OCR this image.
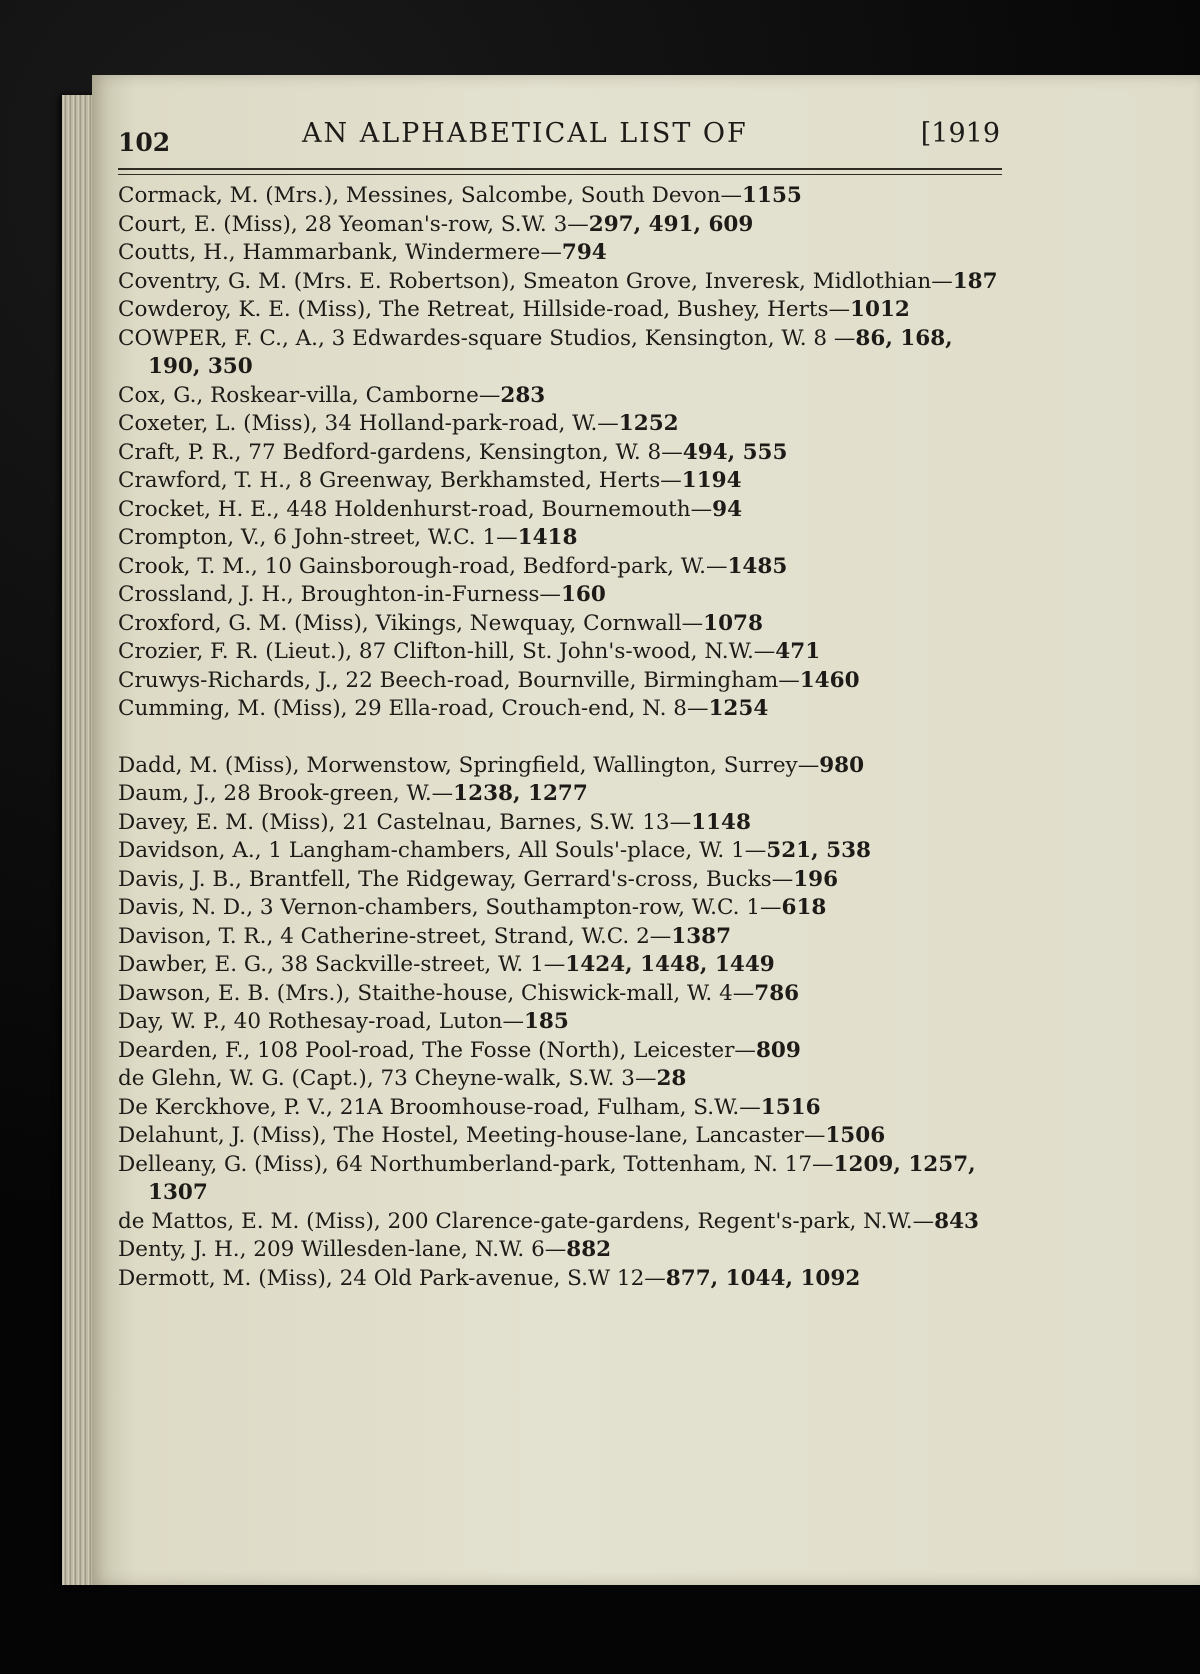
102	AN ALPHABETICAL LIST OF	[1919

Cormack, M. (Mrs.), Messines, Salcombe, South Devon—1155

Court, E. (Miss), 28 Yeoman's-row, S.W. 3—297, 491, 609

Coutts, H., Hammarbank, Windermere—794

Coventry, G. M. (Mrs. E. Robertson), Smeaton Grove, Inveresk, Midlothian—187

Cowderoy, K. E. (Miss), The Retreat, Hillside-road, Bushey, Herts—1012

COWPER, F. C., A., 3 Edwardes-square Studios, Kensington, W. 8 —86, 168, 190, 350

Cox, G., Roskear-villa, Camborne—283

Coxeter, L. (Miss), 34 Holland-park-road, W.—1252

Craft, P. R., 77 Bedford-gardens, Kensington, W. 8—494, 555

Crawford, T. H., 8 Greenway, Berkhamsted, Herts—1194

Crocket, H. E., 448 Holdenhurst-road, Bournemouth—94

Crompton, V., 6 John-street, W.C. 1—1418

Crook, T. M., 10 Gainsborough-road, Bedford-park, W.—1485

Crossland, J. H., Broughton-in-Furness—160

Croxford, G. M. (Miss), Vikings, Newquay, Cornwall—1078

Crozier, F. R. (Lieut.), 87 Clifton-hill, St. John's-wood, N.W.—471

Cruwys-Richards, J., 22 Beech-road, Bournville, Birmingham—1460

Cumming, M. (Miss), 29 Ella-road, Crouch-end, N. 8—1254

Dadd, M. (Miss), Morwenstow, Springfield, Wallington, Surrey—980

Daum, J., 28 Brook-green, W.—1238, 1277

Davey, E. M. (Miss), 21 Castelnau, Barnes, S.W. 13—1148

Davidson, A., 1 Langham-chambers, All Souls'-place, W. 1—521, 538

Davis, J. B., Brantfell, The Ridgeway, Gerrard's-cross, Bucks—196

Davis, N. D., 3 Vernon-chambers, Southampton-row, W.C. 1—618

Davison, T. R., 4 Catherine-street, Strand, W.C. 2—1387

Dawber, E. G., 38 Sackville-street, W. 1—1424, 1448, 1449

Dawson, E. B. (Mrs.), Staithe-house, Chiswick-mall, W. 4—786

Day, W. P., 40 Rothesay-road, Luton—185

Dearden, F., 108 Pool-road, The Fosse (North), Leicester—809

de Glehn, W. G. (Capt.), 73 Cheyne-walk, S.W. 3—28

De Kerckhove, P. V., 21A Broomhouse-road, Fulham, S.W.—1516

Delahunt, J. (Miss), The Hostel, Meeting-house-lane, Lancaster—1506

Delleany, G. (Miss), 64 Northumberland-park, Tottenham, N. 17—1209, 1257, 1307

de Mattos, E. M. (Miss), 200 Clarence-gate-gardens, Regent's-park, N.W.—843

Denty, J. H., 209 Willesden-lane, N.W. 6—882

Dermott, M. (Miss), 24 Old Park-avenue, S.W 12—877, 1044, 1092
